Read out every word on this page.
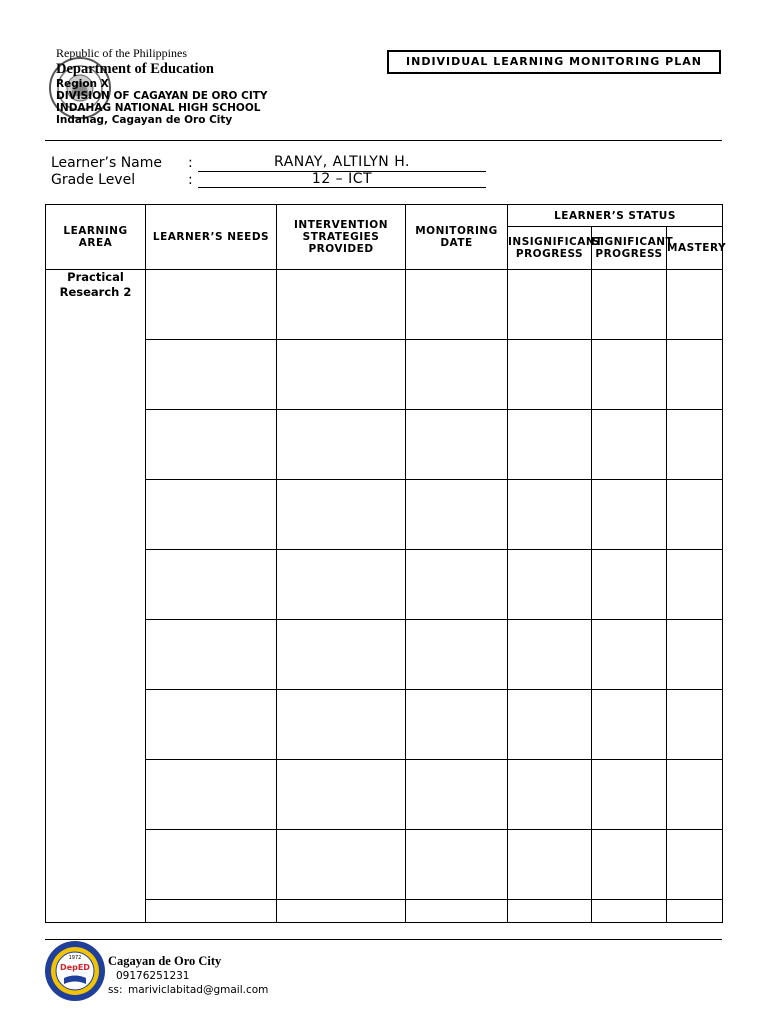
Republic of the Philippines
Department of Education
Region X
DIVISION OF CAGAYAN DE ORO CITY
INDAHAG NATIONAL HIGH SCHOOL
Indahag, Cagayan de Oro City
INDIVIDUAL LEARNING MONITORING PLAN
Learner’s Name :	RANAY, ALTILYN H.
Grade Level	:	12 – ICT
LEARNING AREA	LEARNER’S NEEDS	INTERVENTION STRATEGIES PROVIDED	MONITORING DATE	LEARNER’S STATUS		
				INSIGNIFICANT PROGRESS	SIGNIFICANT PROGRESS	MASTERY
Practical Research 2						

1972
DepED Cagayan de Oro City
09176251231
ss: mariviclabitad@gmail.com
